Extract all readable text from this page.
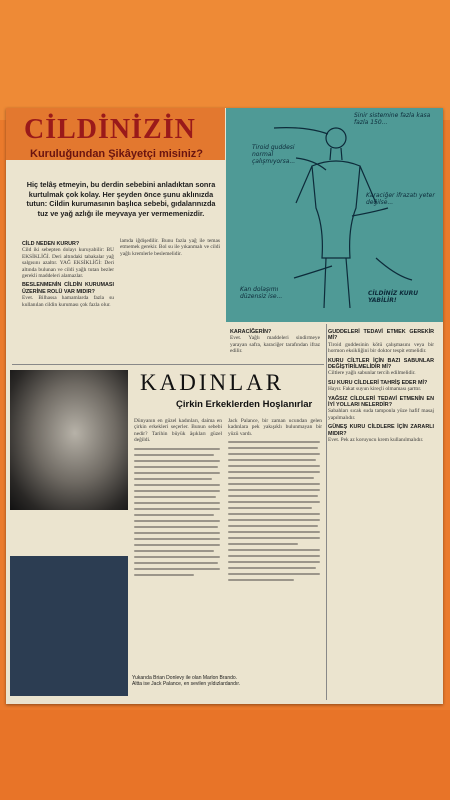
CİLDİNİZİN
Kuruluğundan Şikâyetçi misiniz?
Sinir sistemine fazla kasa fazla 150...
Tiroid guddesi normal çalışmıyorsa...
Karaciğer ifrazatı yeter değilse...
Kan dolaşımı düzensiz ise...	CİLDİNİZ KURU YABİLİR!
Hiç telâş etmeyin, bu derdin sebebini anladıktan sonra kurtulmak çok kolay. Her şeyden önce şunu aklınızda tutun: Cildin kurumasının başlıca sebebi, gıdalarınızda tuz ve yağ azlığı ile meyvaya yer vermemenizdir.
CİLD NEDEN KURUR?
Cild iki sebepten dolayı kuruyabilir: BU EKSİKLİĞİ. Deri altındaki tabakalar yağ salgısını azaltır. YAĞ EKSİKLİĞİ: Deri altında bulunan ve cildi yağlı tutan bezler gerekli maddeleri alamazlar.
BESLENMENİN CİLDİN KURUMASI ÜZERİNE ROLÜ VAR MIDIR?
Evet. Bilhassa hamamlarda fazla su kullanılan cildin kuruması çok fazla olur.
lamda iğdişedilir. Bunu fazla yağ ile temas etmemek gerekir. Bol su ile yıkanmalı ve cildi yağlı kremlerle beslemelidir.
KARACİĞERİN?
Evet. Yağlı maddeleri sindirmeye yarayan safra, karaciğer tarafından ifraz edilir.
GUDDELERİ TEDAVİ ETMEK GEREKİR Mİ?
Tiroid guddesinin kötü çalışmasını veya bir hormon eksikliğini bir doktor tespit etmelidir.
KURU CİLTLER İÇİN BAZI SABUNLAR DEĞİŞTİRİLMELİDİR Mİ?
Ciltlere yağlı sabunlar tercih edilmelidir.
SU KURU CİLDLERİ TAHRİŞ EDER Mİ?
Hayır. Fakat suyun kireçli olmaması şarttır.
YAĞSIZ CİLDLERİ TEDAVİ ETMENİN EN İYİ YOLLARI NELERDİR?
Sabahları sıcak suda tamponla yüze hafif masaj yapılmalıdır.
GÜNEŞ KURU CİLDLERE İÇİN ZARARLI MIDIR?
Evet. Pek az koruyucu krem kullanılmalıdır.
KADINLAR
Çirkin Erkeklerden Hoşlanırlar
Dünyanın en güzel kadınları, daima en çirkin erkekleri seçerler. Bunun sebebi nedir? Tarihin büyük âşıkları güzel değildi.
Jack Palance, bir zaman ucundan gelen kadınlara pek yakışıklı bulunmayan bir yüzü vardı.
Yukarıda Brian Donlevy ile olan Marlon Brando. Altta ise Jack Palance, en sevilen yıldızlardandır.
